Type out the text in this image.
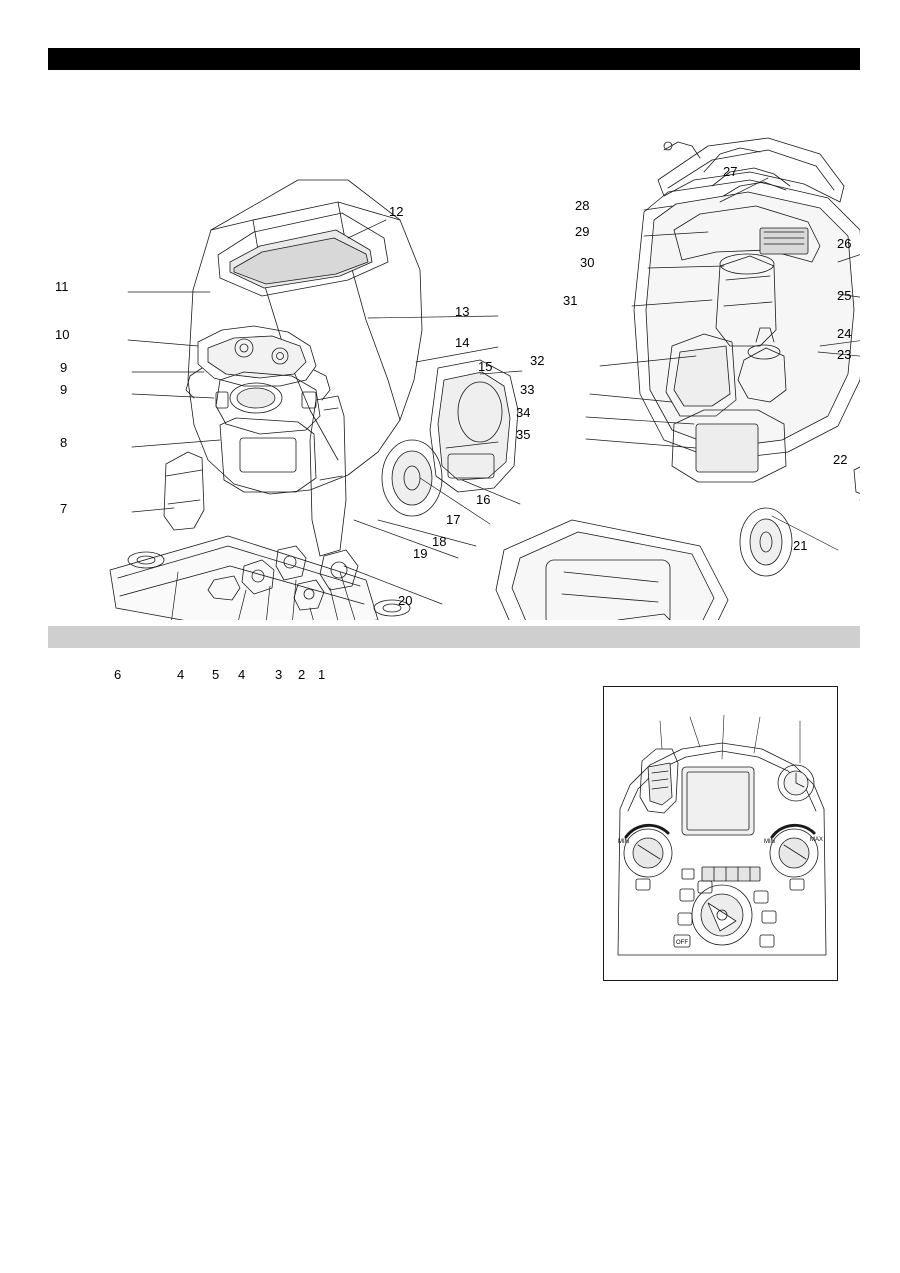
12
11
13
10
14
9	15
9
8
16
7
17
18
19
20
6	4 5 4 3 2 1
27
28
29
26
30
25
31
24
23
32
33
34
35
22
21
MIN	MIN	MAX
OFF
